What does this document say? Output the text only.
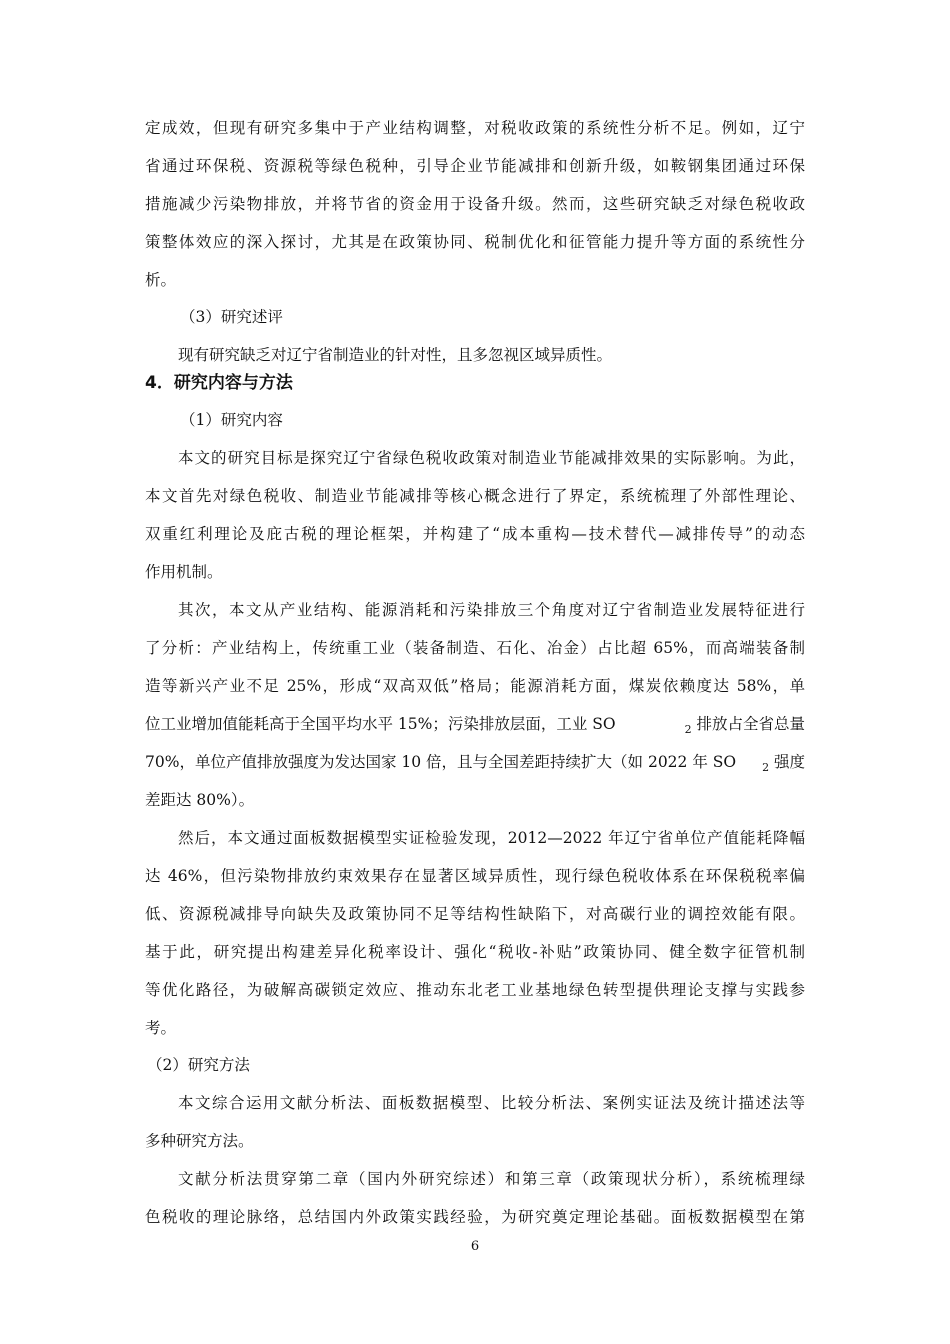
定成效，但现有研究多集中于产业结构调整，对税收政策的系统性分析不足。例如，辽宁
省通过环保税、资源税等绿色税种，引导企业节能减排和创新升级，如鞍钢集团通过环保
措施减少污染物排放，并将节省的资金用于设备升级。然而，这些研究缺乏对绿色税收政
策整体效应的深入探讨，尤其是在政策协同、税制优化和征管能力提升等方面的系统性分
析。
（3）研究述评
现有研究缺乏对辽宁省制造业的针对性，且多忽视区域异质性。
4．研究内容与方法
（1）研究内容
本文的研究目标是探究辽宁省绿色税收政策对制造业节能减排效果的实际影响。为此，
本文首先对绿色税收、制造业节能减排等核心概念进行了界定，系统梳理了外部性理论、
双重红利理论及庇古税的理论框架，并构建了“成本重构—技术替代—减排传导”的动态
作用机制。
其次，本文从产业结构、能源消耗和污染排放三个角度对辽宁省制造业发展特征进行
了分析：产业结构上，传统重工业（装备制造、石化、冶金）占比超 65%，而高端装备制
造等新兴产业不足 25%，形成“双高双低”格局；能源消耗方面，煤炭依赖度达 58%，单
位工业增加值能耗高于全国平均水平 15%；污染排放层面，工业 SO	$_2$ 排放占全省总量
70%，单位产值排放强度为发达国家 10 倍，且与全国差距持续扩大（如 2022 年 SO $_2$ 强度
差距达 80%）。
然后，本文通过面板数据模型实证检验发现，2012—2022 年辽宁省单位产值能耗降幅
达 46%，但污染物排放约束效果存在显著区域异质性，现行绿色税收体系在环保税税率偏
低、资源税减排导向缺失及政策协同不足等结构性缺陷下，对高碳行业的调控效能有限。
基于此，研究提出构建差异化税率设计、强化“税收-补贴”政策协同、健全数字征管机制
等优化路径，为破解高碳锁定效应、推动东北老工业基地绿色转型提供理论支撑与实践参
考。
（2）研究方法
本文综合运用文献分析法、面板数据模型、比较分析法、案例实证法及统计描述法等
多种研究方法。
文献分析法贯穿第二章（国内外研究综述）和第三章（政策现状分析），系统梳理绿
色税收的理论脉络，总结国内外政策实践经验，为研究奠定理论基础。面板数据模型在第
6
